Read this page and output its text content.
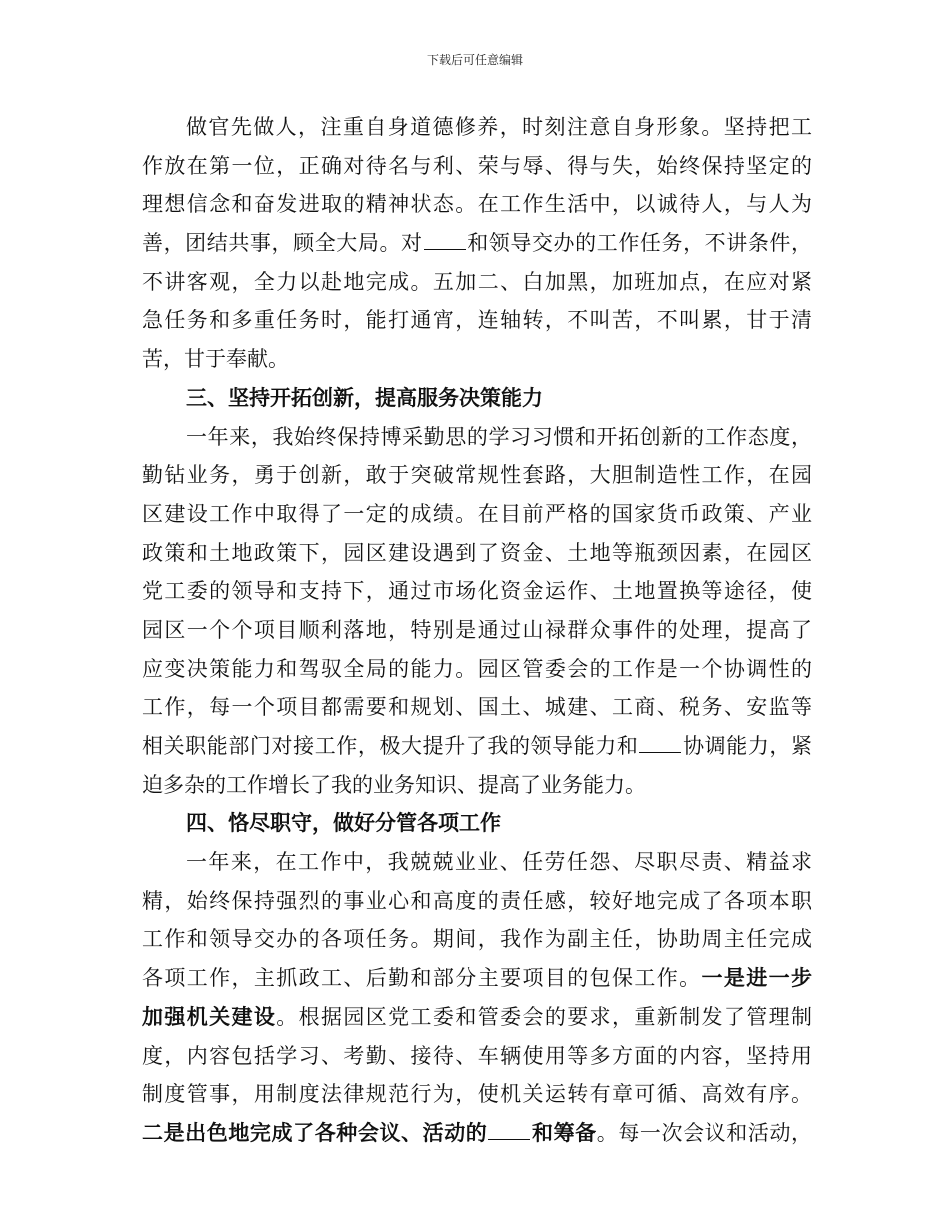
下载后可任意编辑
做官先做人，注重自身道德修养，时刻注意自身形象。坚持把工
作放在第一位，正确对待名与利、荣与辱、得与失，始终保持坚定的
理想信念和奋发进取的精神状态。在工作生活中，以诚待人，与人为
善，团结共事，顾全大局。对 和领导交办的工作任务，不讲条件，
不讲客观，全力以赴地完成。五加二、白加黑，加班加点，在应对紧
急任务和多重任务时，能打通宵，连轴转，不叫苦，不叫累，甘于清
苦，甘于奉献。
三、坚持开拓创新，提高服务决策能力
一年来，我始终保持博采勤思的学习习惯和开拓创新的工作态度，
勤钻业务，勇于创新，敢于突破常规性套路，大胆制造性工作，在园
区建设工作中取得了一定的成绩。在目前严格的国家货币政策、产业
政策和土地政策下，园区建设遇到了资金、土地等瓶颈因素，在园区
党工委的领导和支持下，通过市场化资金运作、土地置换等途径，使
园区一个个项目顺利落地，特别是通过山禄群众事件的处理，提高了
应变决策能力和驾驭全局的能力。园区管委会的工作是一个协调性的
工作，每一个项目都需要和规划、国土、城建、工商、税务、安监等
相关职能部门对接工作，极大提升了我的领导能力和 协调能力，紧
迫多杂的工作增长了我的业务知识、提高了业务能力。
四、恪尽职守，做好分管各项工作
一年来，在工作中，我兢兢业业、任劳任怨、尽职尽责、精益求
精，始终保持强烈的事业心和高度的责任感，较好地完成了各项本职
工作和领导交办的各项任务。期间，我作为副主任，协助周主任完成
各项工作，主抓政工、后勤和部分主要项目的包保工作。一是进一步
加强机关建设。根据园区党工委和管委会的要求，重新制发了管理制
度，内容包括学习、考勤、接待、车辆使用等多方面的内容，坚持用
制度管事，用制度法律规范行为，使机关运转有章可循、高效有序。
二是出色地完成了各种会议、活动的 和筹备。每一次会议和活动，
